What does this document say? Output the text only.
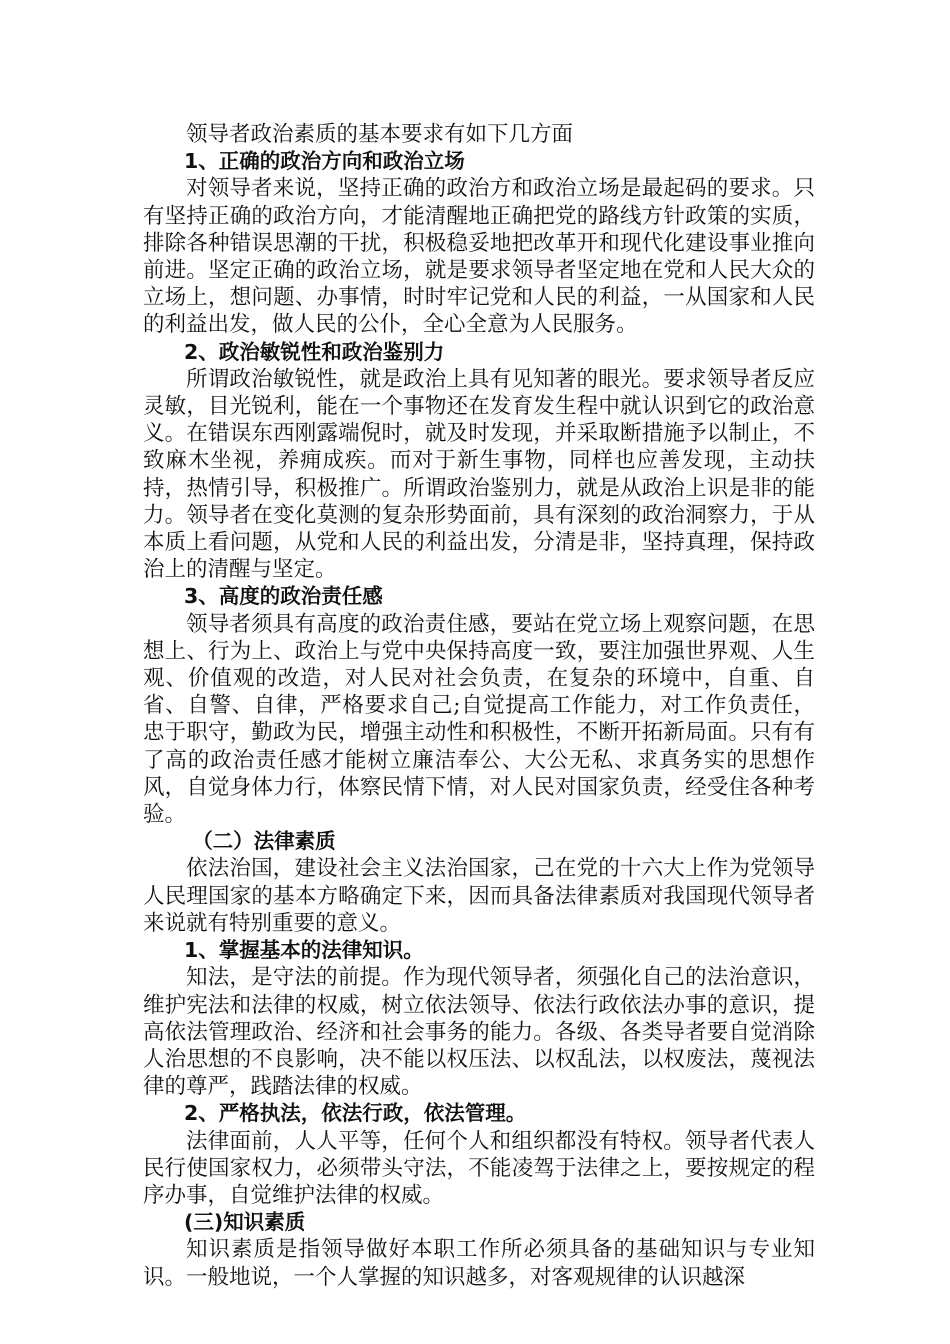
领导者政治素质的基本要求有如下几方面

1、正确的政治方向和政治立场

对领导者来说，坚持正确的政治方和政治立场是最起码的要求。只有坚持正确的政治方向，才能清醒地正确把党的路线方针政策的实质，排除各种错误思潮的干扰，积极稳妥地把改革开和现代化建设事业推向前进。坚定正确的政治立场，就是要求领导者坚定地在党和人民大众的立场上，想问题、办事情，时时牢记党和人民的利益，一从国家和人民的利益出发，做人民的公仆，全心全意为人民服务。

2、政治敏锐性和政治鉴别力

所谓政治敏锐性，就是政治上具有见知著的眼光。要求领导者反应灵敏，目光锐利，能在一个事物还在发育发生程中就认识到它的政治意义。在错误东西刚露端倪时，就及时发现，并采取断措施予以制止，不致麻木坐视，养痈成疾。而对于新生事物，同样也应善发现，主动扶持，热情引导，积极推广。所谓政治鉴别力，就是从政治上识是非的能力。领导者在变化莫测的复杂形势面前，具有深刻的政治洞察力，于从本质上看问题，从党和人民的利益出发，分清是非，坚持真理，保持政治上的清醒与坚定。

3、高度的政治责任感

领导者须具有高度的政治责住感，要站在党立场上观察问题，在思想上、行为上、政治上与党中央保持高度一致，要注加强世界观、人生观、价值观的改造，对人民对社会负责，在复杂的环境中，自重、自省、自警、自律，严格要求自己;自觉提高工作能力，对工作负责任，忠于职守，勤政为民，增强主动性和积极性，不断开拓新局面。只有有了高的政治责任感才能树立廉洁奉公、大公无私、求真务实的思想作风，自觉身体力行，体察民情下情，对人民对国家负责，经受住各种考验。

（二）法律素质

依法治国，建设社会主义法治国家，己在党的十六大上作为党领导人民理国家的基本方略确定下来，因而具备法律素质对我国现代领导者来说就有特别重要的意义。

1、掌握基本的法律知识。

知法，是守法的前提。作为现代领导者，须强化自己的法治意识，维护宪法和法律的权威，树立依法领导、依法行政依法办事的意识，提高依法管理政治、经济和社会事务的能力。各级、各类导者要自觉消除人治思想的不良影响，决不能以权压法、以权乱法，以权废法，蔑视法律的尊严，践踏法律的权威。

2、严格执法，依法行政，依法管理。

法律面前，人人平等，任何个人和组织都没有特权。领导者代表人民行使国家权力，必须带头守法，不能凌驾于法律之上，要按规定的程序办事，自觉维护法律的权威。

(三)知识素质

知识素质是指领导做好本职工作所必须具备的基础知识与专业知识。一般地说，一个人掌握的知识越多，对客观规律的认识越深
